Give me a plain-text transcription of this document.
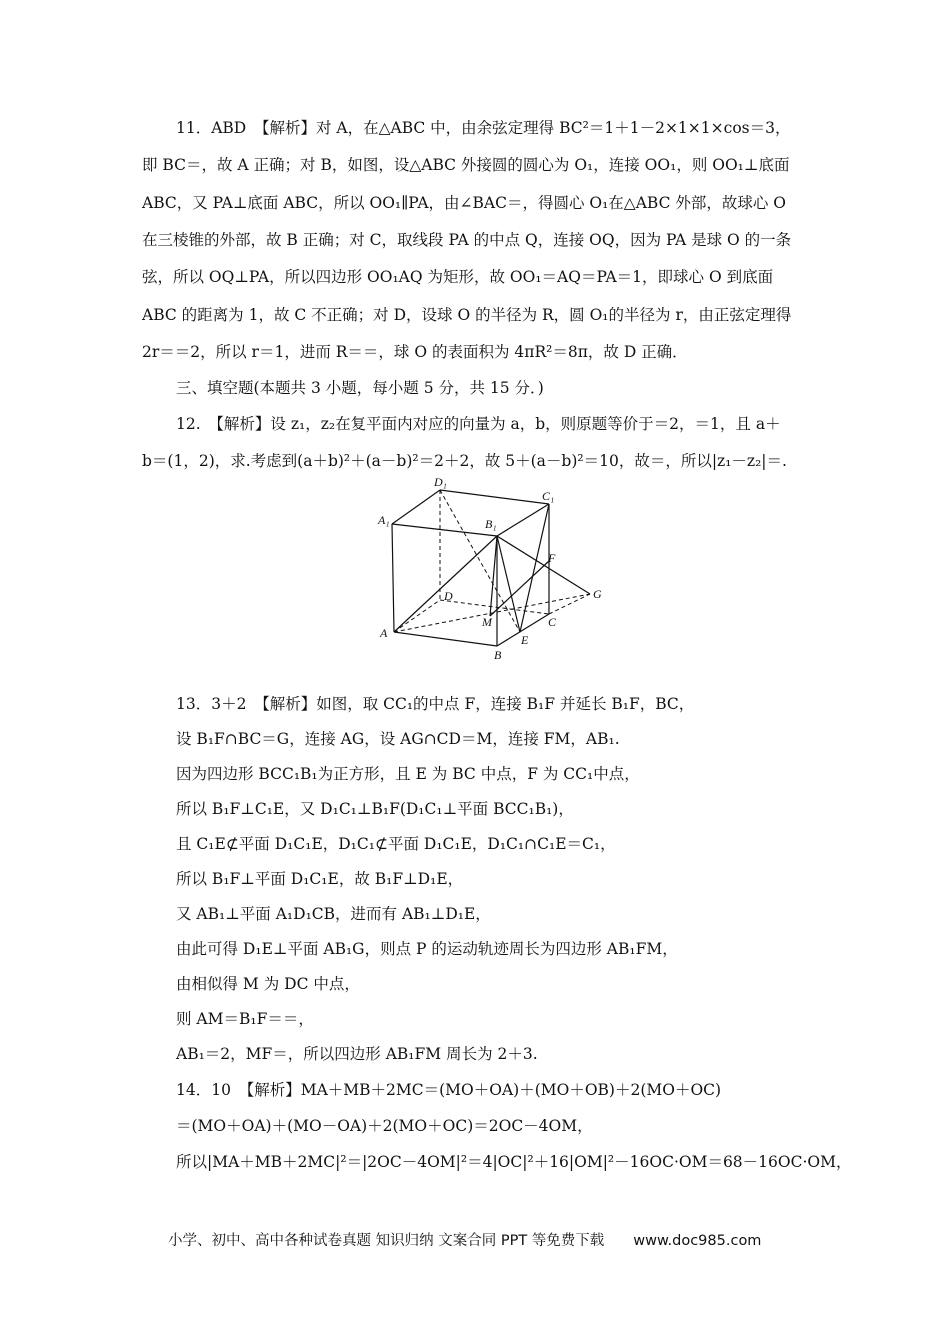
11．ABD　【解析】对 A，在△ABC 中，由余弦定理得 BC²＝1＋1－2×1×1×cos＝3，
即 BC＝，故 A 正确；对 B，如图，设△ABC 外接圆的圆心为 O₁，连接 OO₁，则 OO₁⊥底面
ABC，又 PA⊥底面 ABC，所以 OO₁∥PA，由∠BAC＝，得圆心 O₁在△ABC 外部，故球心 O
在三棱锥的外部，故 B 正确；对 C，取线段 PA 的中点 Q，连接 OQ，因为 PA 是球 O 的一条
弦，所以 OQ⊥PA，所以四边形 OO₁AQ 为矩形，故 OO₁＝AQ＝PA＝1，即球心 O 到底面
ABC 的距离为 1，故 C 不正确；对 D，设球 O 的半径为 R，圆 O₁的半径为 r，由正弦定理得
2r＝＝2，所以 r＝1，进而 R＝＝，球 O 的表面积为 4πR²＝8π，故 D 正确．
三、填空题(本题共 3 小题，每小题 5 分，共 15 分．)
12.　【解析】设 z₁，z₂在复平面内对应的向量为 a，b，则原题等价于＝2，＝1，且 a＋
b＝(1，2)，求.考虑到(a＋b)²＋(a－b)²＝2＋2，故 5＋(a－b)²＝10，故＝，所以|z₁－z₂|＝.
D₁
C₁
A₁	B₁
F
D	G
M
A
C
E
B
13．3＋2　【解析】如图，取 CC₁的中点 F，连接 B₁F 并延长 B₁F，BC，
设 B₁F∩BC＝G，连接 AG，设 AG∩CD＝M，连接 FM，AB₁.
因为四边形 BCC₁B₁为正方形，且 E 为 BC 中点，F 为 CC₁中点，
所以 B₁F⊥C₁E，又 D₁C₁⊥B₁F(D₁C₁⊥平面 BCC₁B₁)，
且 C₁E⊄平面 D₁C₁E，D₁C₁⊄平面 D₁C₁E，D₁C₁∩C₁E＝C₁，
所以 B₁F⊥平面 D₁C₁E，故 B₁F⊥D₁E，
又 AB₁⊥平面 A₁D₁CB，进而有 AB₁⊥D₁E，
由此可得 D₁E⊥平面 AB₁G，则点 P 的运动轨迹周长为四边形 AB₁FM，
由相似得 M 为 DC 中点，
则 AM＝B₁F＝＝，
AB₁＝2，MF＝，所以四边形 AB₁FM 周长为 2＋3.
14．10　【解析】MA＋MB＋2MC＝(MO＋OA)＋(MO＋OB)＋2(MO＋OC)
＝(MO＋OA)＋(MO－OA)＋2(MO＋OC)＝2OC－4OM，
所以|MA＋MB＋2MC|²＝|2OC－4OM|²＝4|OC|²＋16|OM|²－16OC·OM＝68－16OC·OM，
小学、初中、高中各种试卷真题 知识归纳 文案合同 PPT 等免费下载　　www.doc985.com
